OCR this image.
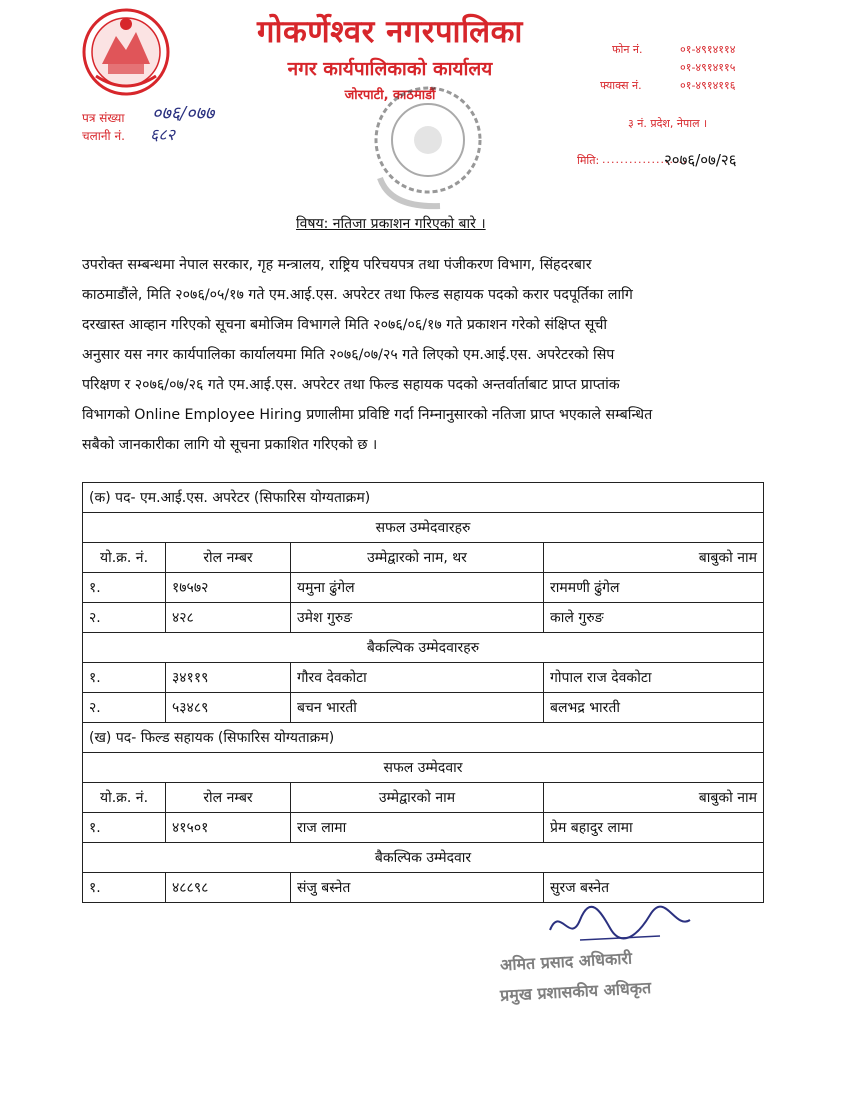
गोकर्णेश्वर नगरपालिका
नगर कार्यपालिकाको कार्यालय
जोरपाटी, काठमाडौं
फोन नं.	०१-४९१४११४
०१-४९१४११५
फ्याक्स नं.	०१-४९१४११६
३ नं. प्रदेश, नेपाल ।
पत्र संख्या ०७६/०७७
चलानी नं. ६८२
मिति: ...................
२०७६/०७/२६
विषय: नतिजा प्रकाशन गरिएको बारे ।
उपरोक्त सम्बन्धमा नेपाल सरकार, गृह मन्त्रालय, राष्ट्रिय परिचयपत्र तथा पंजीकरण विभाग, सिंहदरबार
काठमाडौंले, मिति २०७६/०५/१७ गते एम.आई.एस. अपरेटर तथा फिल्ड सहायक पदको करार पदपूर्तिका लागि
दरखास्त आव्हान गरिएको सूचना बमोजिम विभागले मिति २०७६/०६/१७ गते प्रकाशन गरेको संक्षिप्त सूची
अनुसार यस नगर कार्यपालिका कार्यालयमा मिति २०७६/०७/२५ गते लिएको एम.आई.एस. अपरेटरको सिप
परिक्षण र २०७६/०७/२६ गते एम.आई.एस. अपरेटर तथा फिल्ड सहायक पदको अन्तर्वार्ताबाट प्राप्त प्राप्तांक
विभागको Online Employee Hiring प्रणालीमा प्रविष्टि गर्दा निम्नानुसारको नतिजा प्राप्त भएकाले सम्बन्धित
सबैको जानकारीका लागि यो सूचना प्रकाशित गरिएको छ ।
(क) पद- एम.आई.एस. अपरेटर (सिफारिस योग्यताक्रम)			
सफल उम्मेदवारहरु			
यो.क्र. नं.	रोल नम्बर	उम्मेद्वारको नाम, थर	बाबुको नाम
१.	१७५७२	यमुना ढुंगेल	राममणी ढुंगेल
२.	४२८	उमेश गुरुङ	काले गुरुङ
बैकल्पिक उम्मेदवारहरु			
१.	३४११९	गौरव देवकोटा	गोपाल राज देवकोटा
२.	५३४८९	बचन भारती	बलभद्र भारती
(ख) पद- फिल्ड सहायक (सिफारिस योग्यताक्रम)			
सफल उम्मेदवार			
यो.क्र. नं.	रोल नम्बर	उम्मेद्वारको नाम	बाबुको नाम
१.	४१५०१	राज लामा	प्रेम बहादुर लामा
बैकल्पिक उम्मेदवार			
१.	४८८९८	संजु बस्नेत	सुरज बस्नेत
अमित प्रसाद अधिकारी
प्रमुख प्रशासकीय अधिकृत
